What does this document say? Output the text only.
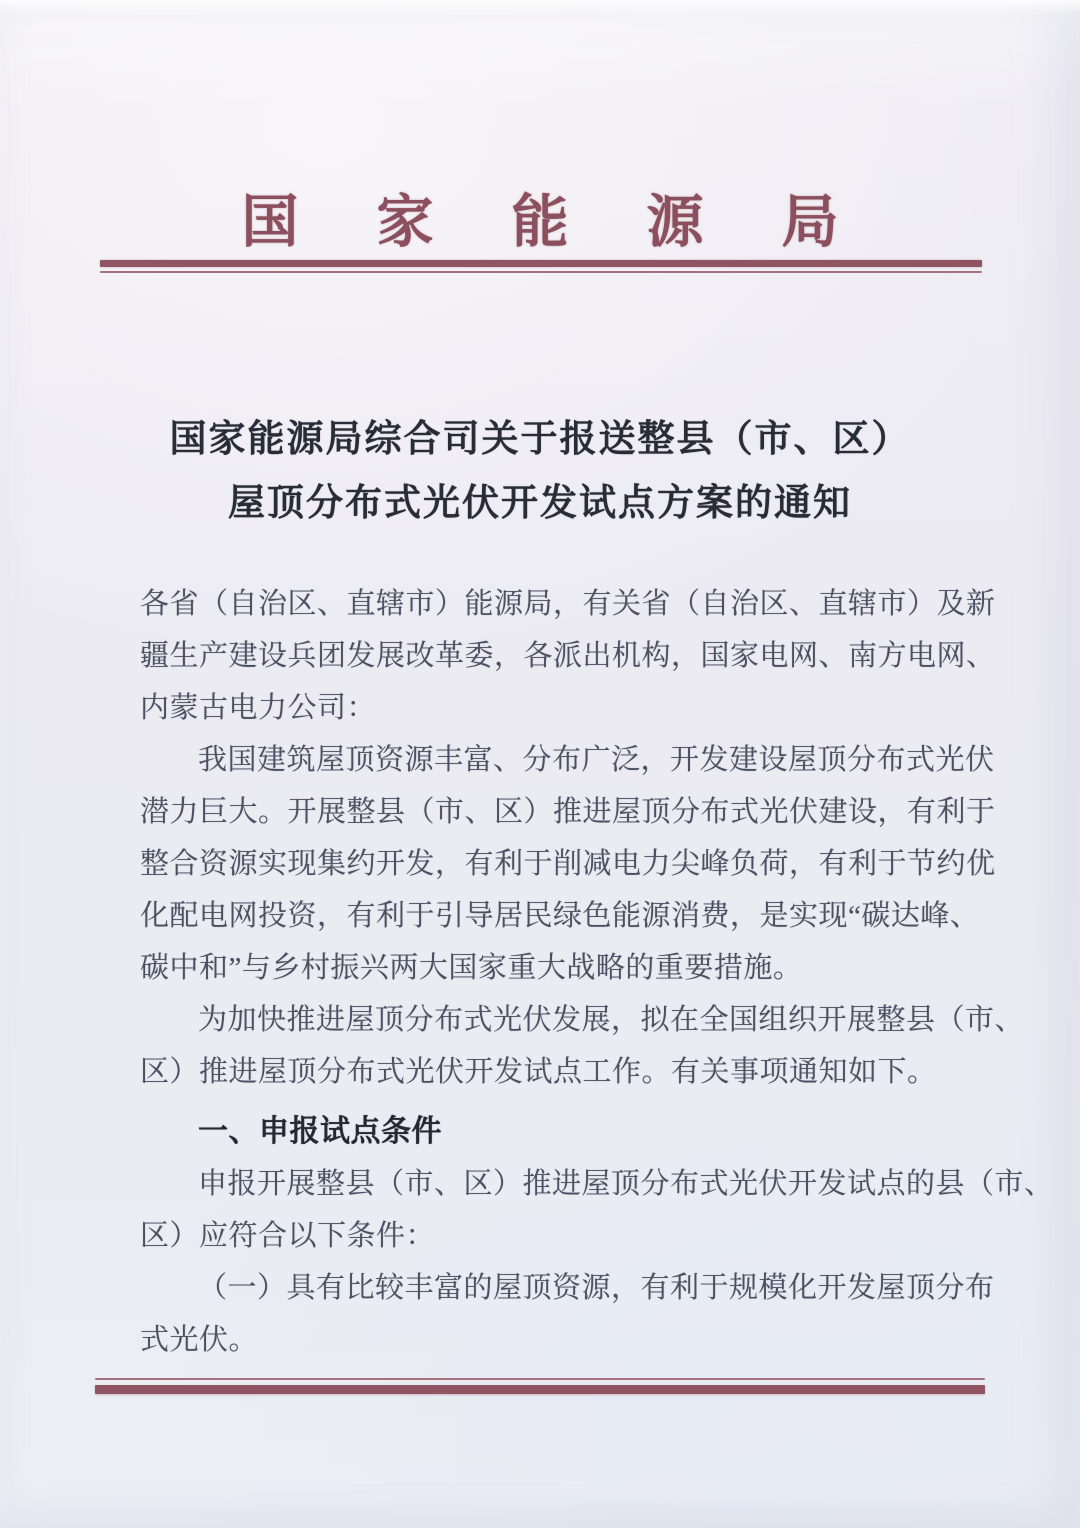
国家能源局
国家能源局综合司关于报送整县（市、区）
屋顶分布式光伏开发试点方案的通知
各省（自治区、直辖市）能源局，有关省（自治区、直辖市）及新
疆生产建设兵团发展改革委，各派出机构，国家电网、南方电网、
内蒙古电力公司：
我国建筑屋顶资源丰富、分布广泛，开发建设屋顶分布式光伏
潜力巨大。开展整县（市、区）推进屋顶分布式光伏建设，有利于
整合资源实现集约开发，有利于削减电力尖峰负荷，有利于节约优
化配电网投资，有利于引导居民绿色能源消费，是实现“碳达峰、
碳中和”与乡村振兴两大国家重大战略的重要措施。
为加快推进屋顶分布式光伏发展，拟在全国组织开展整县（市、
区）推进屋顶分布式光伏开发试点工作。有关事项通知如下。
一、申报试点条件
申报开展整县（市、区）推进屋顶分布式光伏开发试点的县（市、
区）应符合以下条件：
（一）具有比较丰富的屋顶资源，有利于规模化开发屋顶分布
式光伏。
